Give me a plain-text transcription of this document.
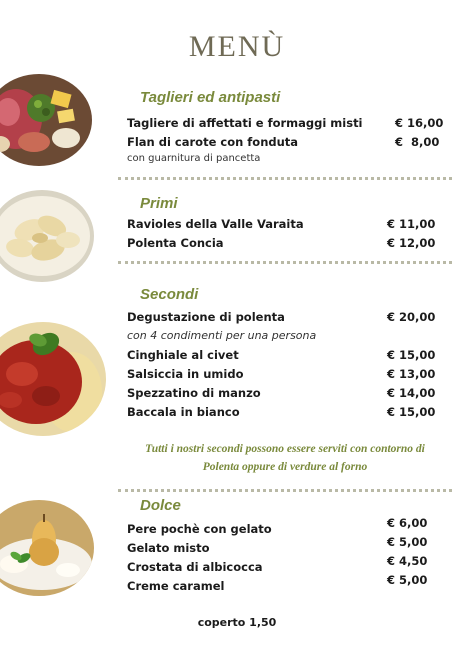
MENÙ
Taglieri ed antipasti
Tagliere di affettati e formaggi misti	€ 16,00
Flan di carote con fonduta	€  8,00
con guarnitura di pancetta
Primi
Ravioles della Valle Varaita	€ 11,00
Polenta Concia	€ 12,00
Secondi
Degustazione di polenta	€ 20,00
con 4 condimenti per una persona
Cinghiale al civet	€ 15,00
Salsiccia in umido	€ 13,00
Spezzatino di manzo	€ 14,00
Baccala in bianco	€ 15,00
Tutti i nostri secondi possono essere serviti con contorno di
Polenta oppure di verdure al forno
Dolce
Pere pochè con gelato	€ 6,00
Gelato misto	€ 5,00
Crostata di albicocca	€ 4,50
Creme caramel	€ 5,00
coperto 1,50
